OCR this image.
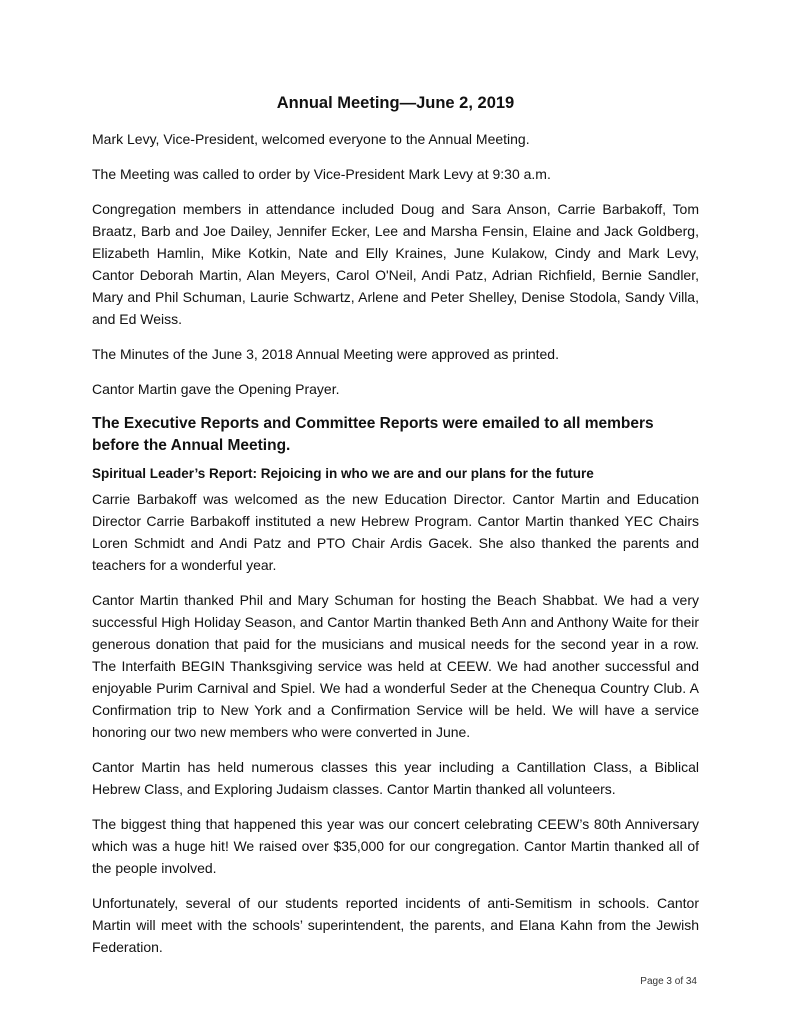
Annual Meeting—June 2, 2019

Mark Levy, Vice-President, welcomed everyone to the Annual Meeting.

The Meeting was called to order by Vice-President Mark Levy at 9:30 a.m.

Congregation members in attendance included Doug and Sara Anson, Carrie Barbakoff, Tom Braatz, Barb and Joe Dailey, Jennifer Ecker, Lee and Marsha Fensin, Elaine and Jack Goldberg, Elizabeth Hamlin, Mike Kotkin, Nate and Elly Kraines, June Kulakow, Cindy and Mark Levy, Cantor Deborah Martin, Alan Meyers, Carol O'Neil, Andi Patz, Adrian Richfield, Bernie Sandler, Mary and Phil Schuman, Laurie Schwartz, Arlene and Peter Shelley, Denise Stodola, Sandy Villa, and Ed Weiss.

The Minutes of the June 3, 2018 Annual Meeting were approved as printed.

Cantor Martin gave the Opening Prayer.

The Executive Reports and Committee Reports were emailed to all members before the Annual Meeting.
Spiritual Leader’s Report: Rejoicing in who we are and our plans for the future

Carrie Barbakoff was welcomed as the new Education Director. Cantor Martin and Education Director Carrie Barbakoff instituted a new Hebrew Program. Cantor Martin thanked YEC Chairs Loren Schmidt and Andi Patz and PTO Chair Ardis Gacek. She also thanked the parents and teachers for a wonderful year.

Cantor Martin thanked Phil and Mary Schuman for hosting the Beach Shabbat. We had a very successful High Holiday Season, and Cantor Martin thanked Beth Ann and Anthony Waite for their generous donation that paid for the musicians and musical needs for the second year in a row. The Interfaith BEGIN Thanksgiving service was held at CEEW. We had another successful and enjoyable Purim Carnival and Spiel. We had a wonderful Seder at the Chenequa Country Club. A Confirmation trip to New York and a Confirmation Service will be held. We will have a service honoring our two new members who were converted in June.

Cantor Martin has held numerous classes this year including a Cantillation Class, a Biblical Hebrew Class, and Exploring Judaism classes. Cantor Martin thanked all volunteers.

The biggest thing that happened this year was our concert celebrating CEEW’s 80th Anniversary which was a huge hit! We raised over $35,000 for our congregation. Cantor Martin thanked all of the people involved.

Unfortunately, several of our students reported incidents of anti-Semitism in schools. Cantor Martin will meet with the schools’ superintendent, the parents, and Elana Kahn from the Jewish Federation.

Page 3 of 34
